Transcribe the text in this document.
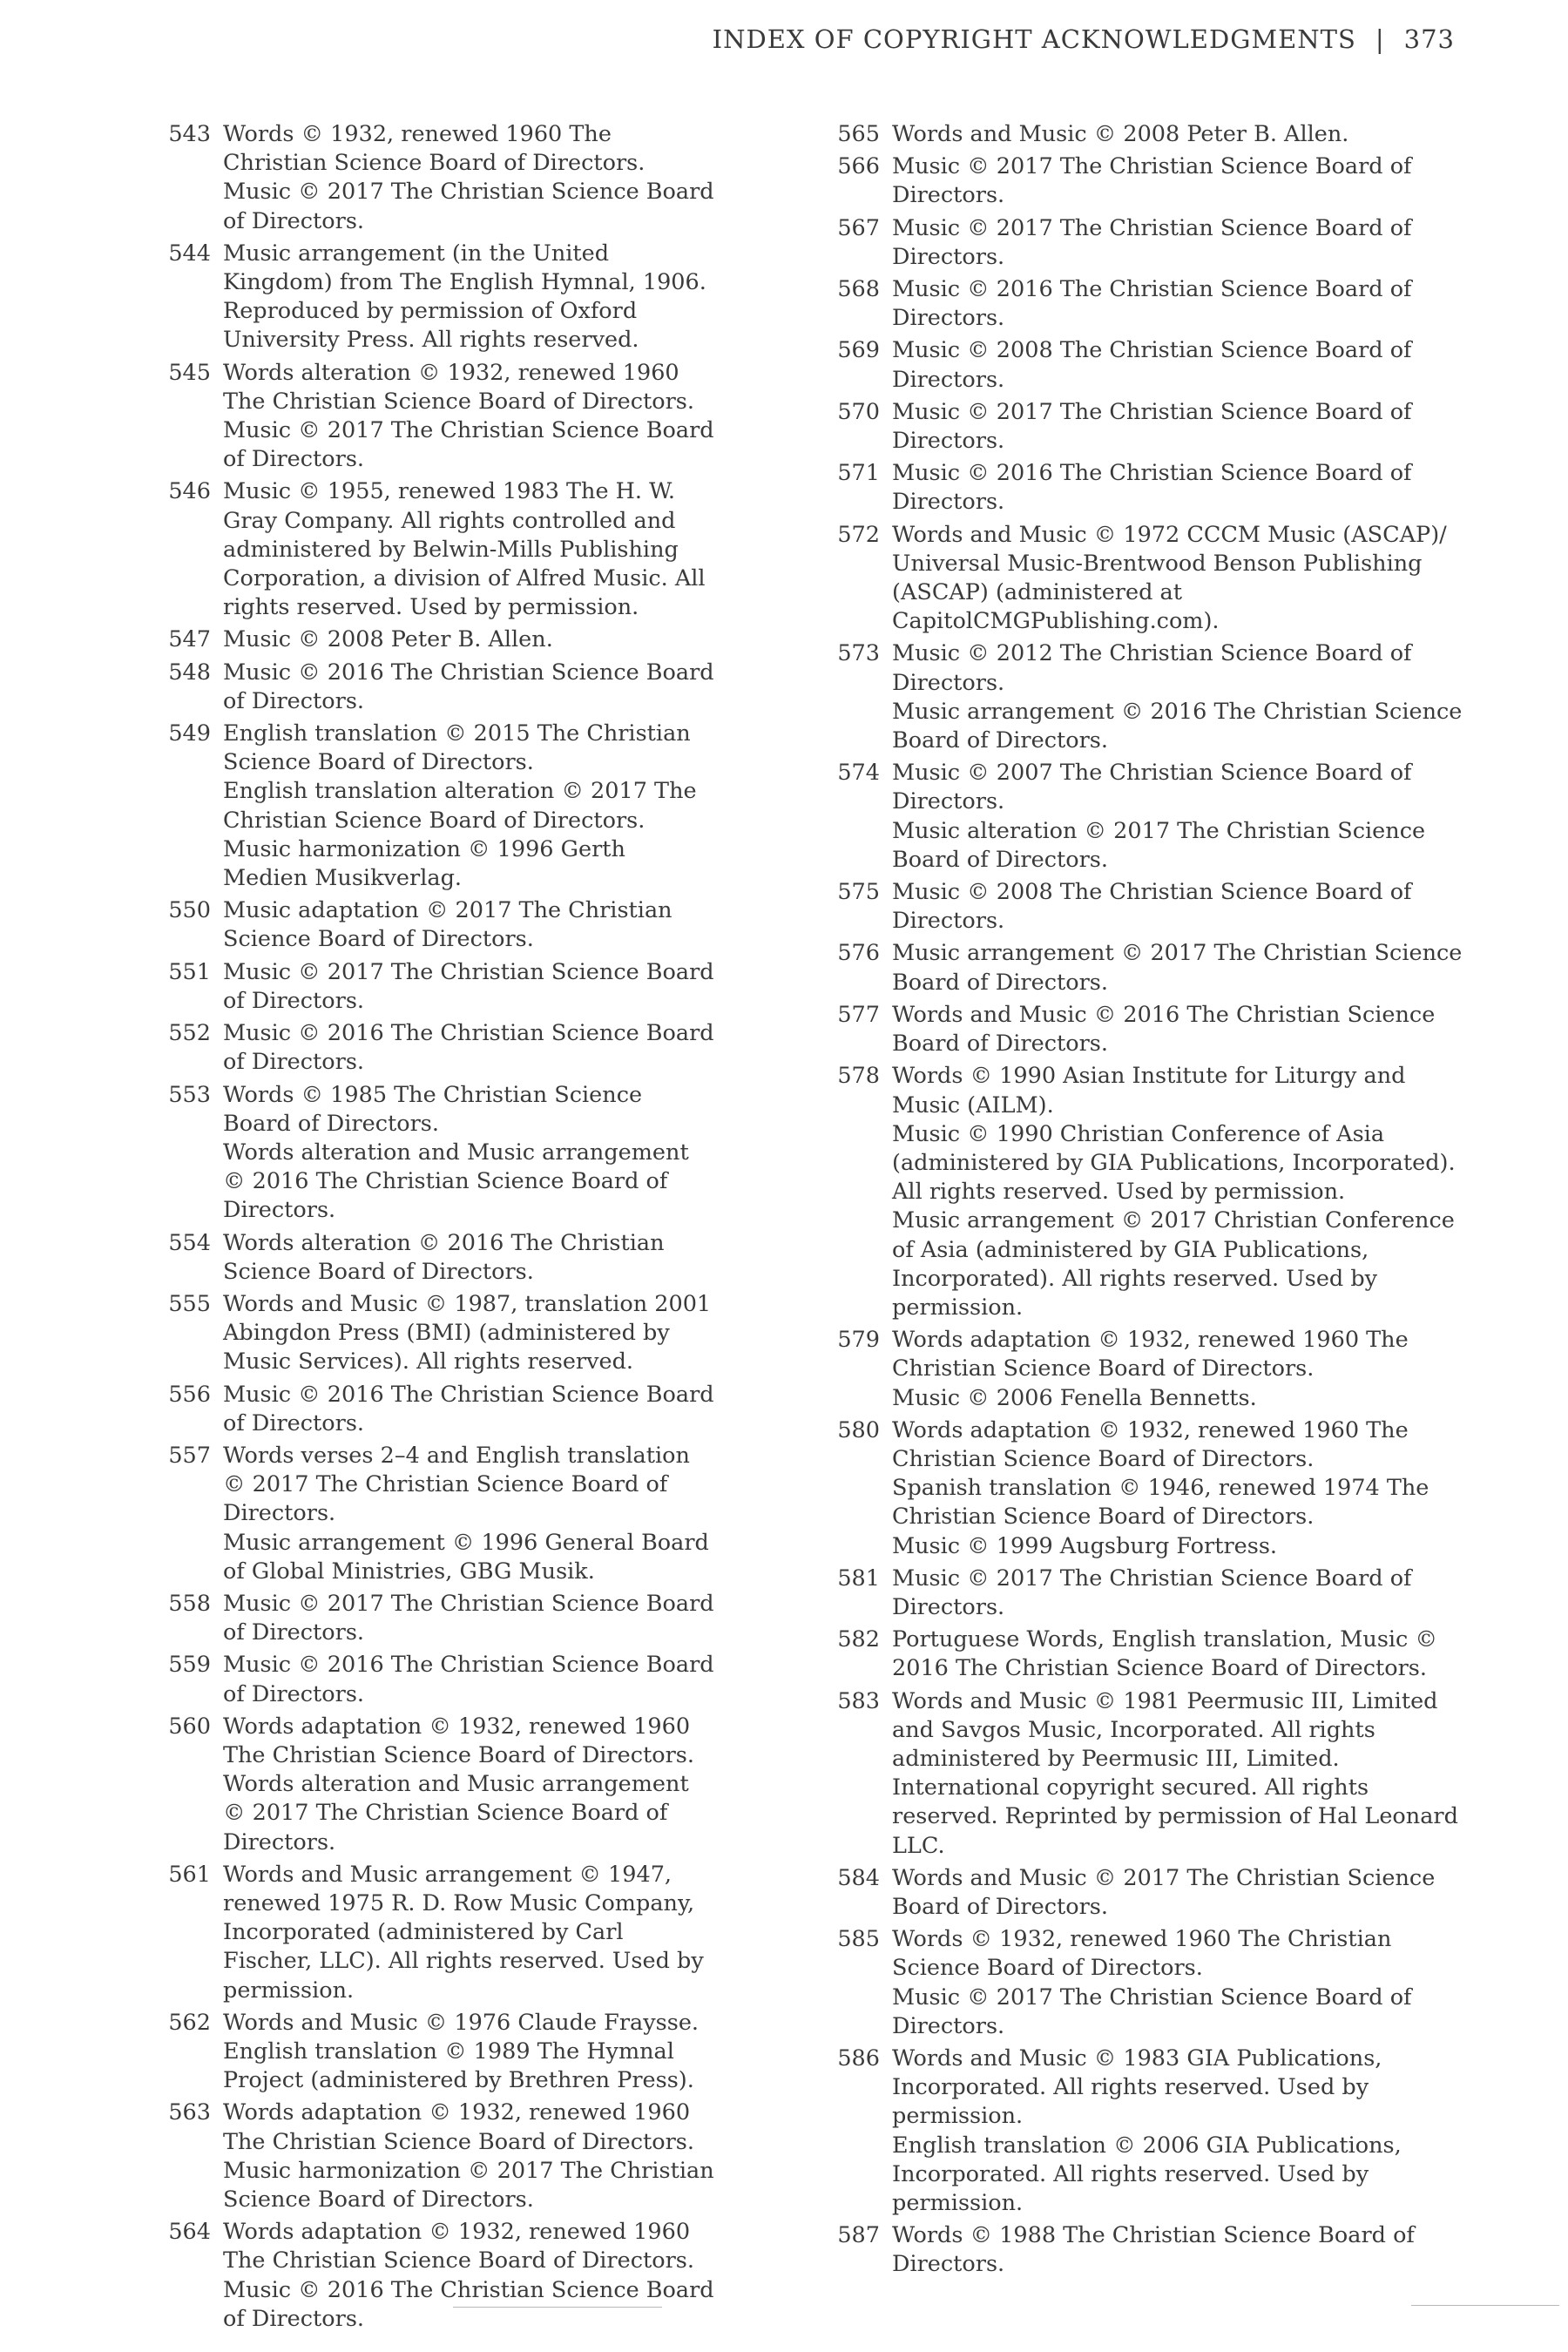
INDEX OF COPYRIGHT ACKNOWLEDGMENTS | 373
543 Words © 1932, renewed 1960 The Christian Science Board of Directors.
Music © 2017 The Christian Science Board of Directors.
544 Music arrangement (in the United Kingdom) from The English Hymnal, 1906. Reproduced by permission of Oxford University Press. All rights reserved.
545 Words alteration © 1932, renewed 1960 The Christian Science Board of Directors.
Music © 2017 The Christian Science Board of Directors.
546 Music © 1955, renewed 1983 The H. W. Gray Company. All rights controlled and administered by Belwin-Mills Publishing Corporation, a division of Alfred Music. All rights reserved. Used by permission.
547 Music © 2008 Peter B. Allen.
548 Music © 2016 The Christian Science Board of Directors.
549 English translation © 2015 The Christian Science Board of Directors.
English translation alteration © 2017 The Christian Science Board of Directors.
Music harmonization © 1996 Gerth Medien Musikverlag.
550 Music adaptation © 2017 The Christian Science Board of Directors.
551 Music © 2017 The Christian Science Board of Directors.
552 Music © 2016 The Christian Science Board of Directors.
553 Words © 1985 The Christian Science Board of Directors.
Words alteration and Music arrangement © 2016 The Christian Science Board of Directors.
554 Words alteration © 2016 The Christian Science Board of Directors.
555 Words and Music © 1987, translation 2001 Abingdon Press (BMI) (administered by Music Services). All rights reserved.
556 Music © 2016 The Christian Science Board of Directors.
557 Words verses 2–4 and English translation © 2017 The Christian Science Board of Directors.
Music arrangement © 1996 General Board of Global Ministries, GBG Musik.
558 Music © 2017 The Christian Science Board of Directors.
559 Music © 2016 The Christian Science Board of Directors.
560 Words adaptation © 1932, renewed 1960 The Christian Science Board of Directors.
Words alteration and Music arrangement © 2017 The Christian Science Board of Directors.
561 Words and Music arrangement © 1947, renewed 1975 R. D. Row Music Company, Incorporated (administered by Carl Fischer, LLC). All rights reserved. Used by permission.
562 Words and Music © 1976 Claude Fraysse.
English translation © 1989 The Hymnal Project (administered by Brethren Press).
563 Words adaptation © 1932, renewed 1960 The Christian Science Board of Directors.
Music harmonization © 2017 The Christian Science Board of Directors.
564 Words adaptation © 1932, renewed 1960 The Christian Science Board of Directors.
Music © 2016 The Christian Science Board of Directors.
565 Words and Music © 2008 Peter B. Allen.
566 Music © 2017 The Christian Science Board of Directors.
567 Music © 2017 The Christian Science Board of Directors.
568 Music © 2016 The Christian Science Board of Directors.
569 Music © 2008 The Christian Science Board of Directors.
570 Music © 2017 The Christian Science Board of Directors.
571 Music © 2016 The Christian Science Board of Directors.
572 Words and Music © 1972 CCCM Music (ASCAP)/ Universal Music-Brentwood Benson Publishing (ASCAP) (administered at CapitolCMGPublishing.com).
573 Music © 2012 The Christian Science Board of Directors.
Music arrangement © 2016 The Christian Science Board of Directors.
574 Music © 2007 The Christian Science Board of Directors.
Music alteration © 2017 The Christian Science Board of Directors.
575 Music © 2008 The Christian Science Board of Directors.
576 Music arrangement © 2017 The Christian Science Board of Directors.
577 Words and Music © 2016 The Christian Science Board of Directors.
578 Words © 1990 Asian Institute for Liturgy and Music (AILM).
Music © 1990 Christian Conference of Asia (administered by GIA Publications, Incorporated). All rights reserved. Used by permission.
Music arrangement © 2017 Christian Conference of Asia (administered by GIA Publications, Incorporated). All rights reserved. Used by permission.
579 Words adaptation © 1932, renewed 1960 The Christian Science Board of Directors.
Music © 2006 Fenella Bennetts.
580 Words adaptation © 1932, renewed 1960 The Christian Science Board of Directors.
Spanish translation © 1946, renewed 1974 The Christian Science Board of Directors.
Music © 1999 Augsburg Fortress.
581 Music © 2017 The Christian Science Board of Directors.
582 Portuguese Words, English translation, Music © 2016 The Christian Science Board of Directors.
583 Words and Music © 1981 Peermusic III, Limited and Savgos Music, Incorporated. All rights administered by Peermusic III, Limited. International copyright secured. All rights reserved. Reprinted by permission of Hal Leonard LLC.
584 Words and Music © 2017 The Christian Science Board of Directors.
585 Words © 1932, renewed 1960 The Christian Science Board of Directors.
Music © 2017 The Christian Science Board of Directors.
586 Words and Music © 1983 GIA Publications, Incorporated. All rights reserved. Used by permission.
English translation © 2006 GIA Publications, Incorporated. All rights reserved. Used by permission.
587 Words © 1988 The Christian Science Board of Directors.
